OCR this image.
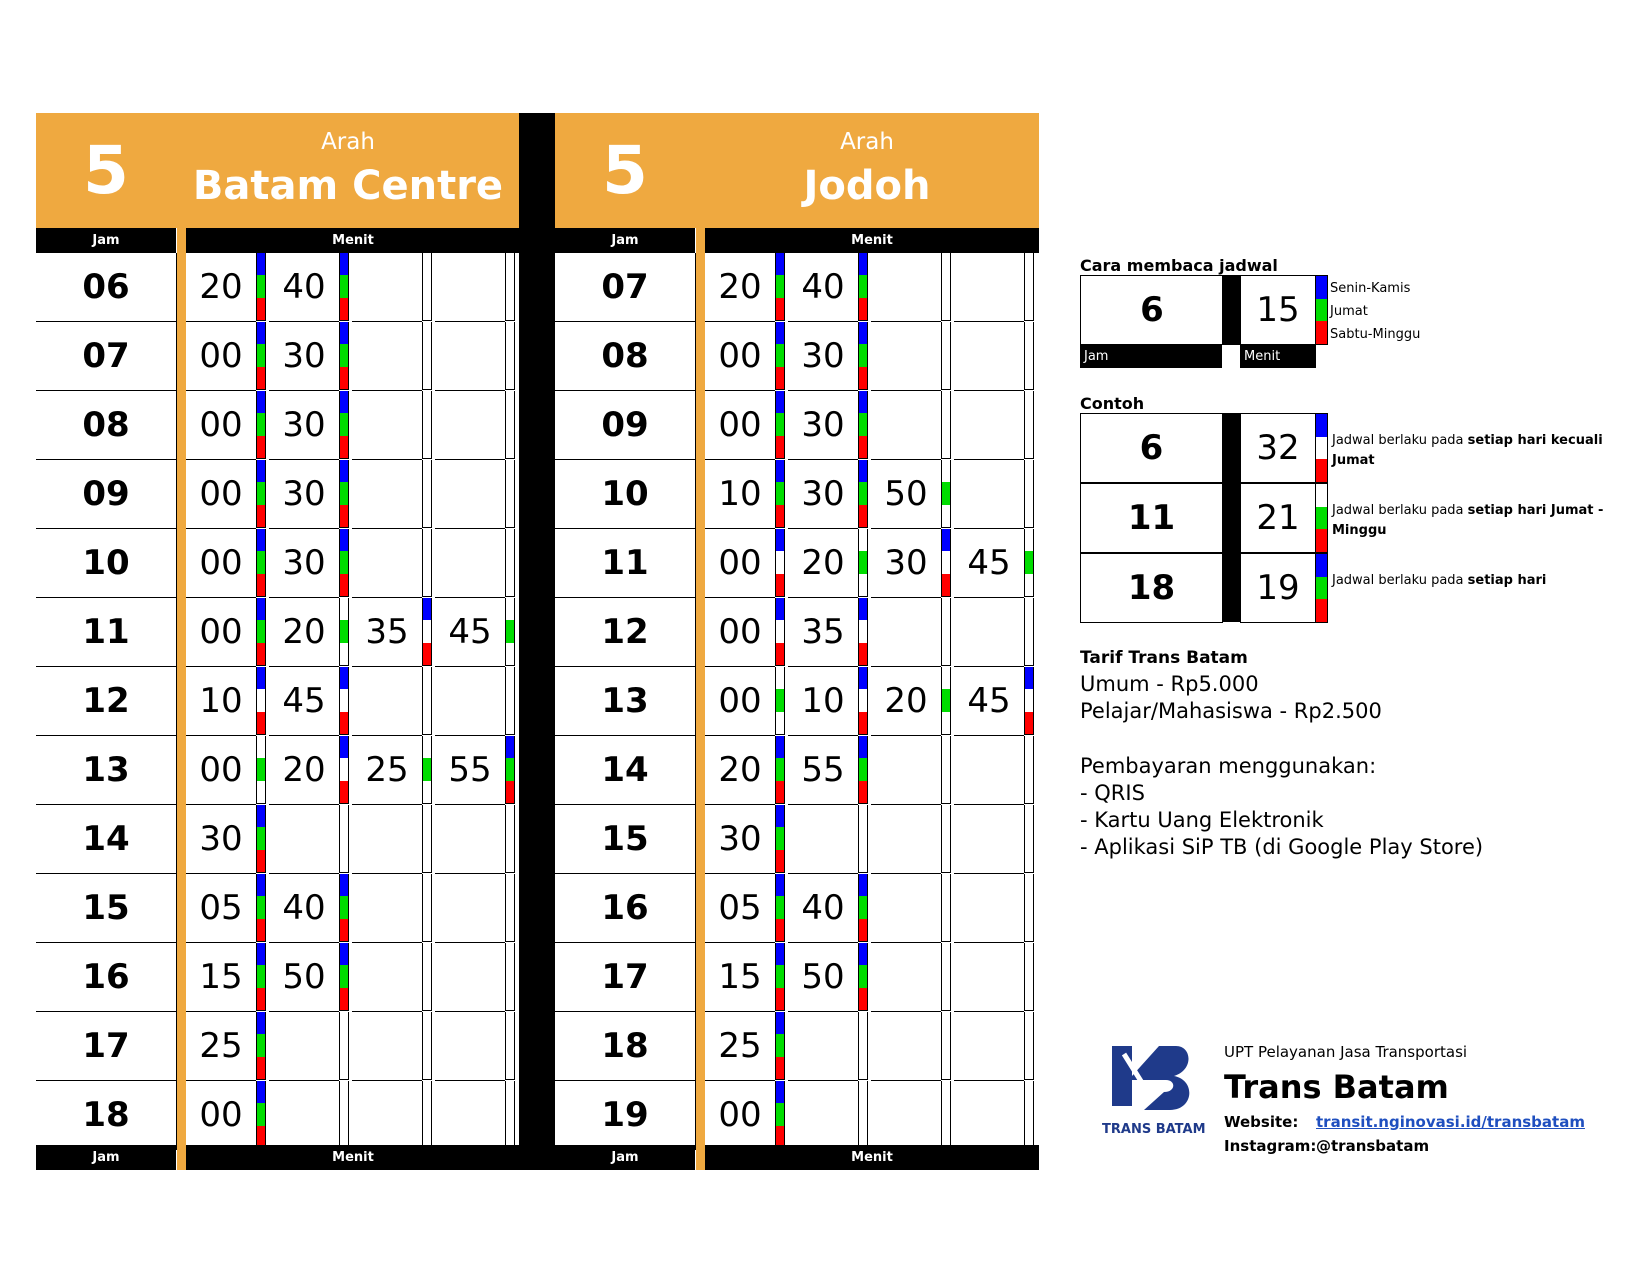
5	Arah
Batam Centre
Jam	Menit
06	20	40
07	00	30
08	00	30
09	00	30
10	00	30
11	00	20	35	45
12	10	45
13	00	20	25	55
14	30
15	05	40
16	15	50
17	25
18	00
Jam	Menit
5	Arah
Jodoh
Jam	Menit
07	20	40
08	00	30
09	00	30
10	10	30	50
11	00	20	30	45
12	00	35
13	00	10	20	45
14	20	55
15	30
16	05	40
17	15	50
18	25
19	00
Jam	Menit
Cara membaca jadwal
6	15
Senin-Kamis
Jumat
Sabtu-Minggu
Jam	Menit
Contoh
6	32	Jadwal berlaku pada setiap hari kecuali Jumat
11	21	Jadwal berlaku pada setiap hari Jumat - Minggu
18	19	Jadwal berlaku pada setiap hari
Tarif Trans Batam
Umum - Rp5.000
Pelajar/Mahasiswa - Rp2.500
Pembayaran menggunakan:
- QRIS
- Kartu Uang Elektronik
- Aplikasi SiP TB (di Google Play Store)
TRANS BATAM
UPT Pelayanan Jasa Transportasi
Trans Batam
Website: transit.nginovasi.id/transbatam
Instagram: @transbatam
